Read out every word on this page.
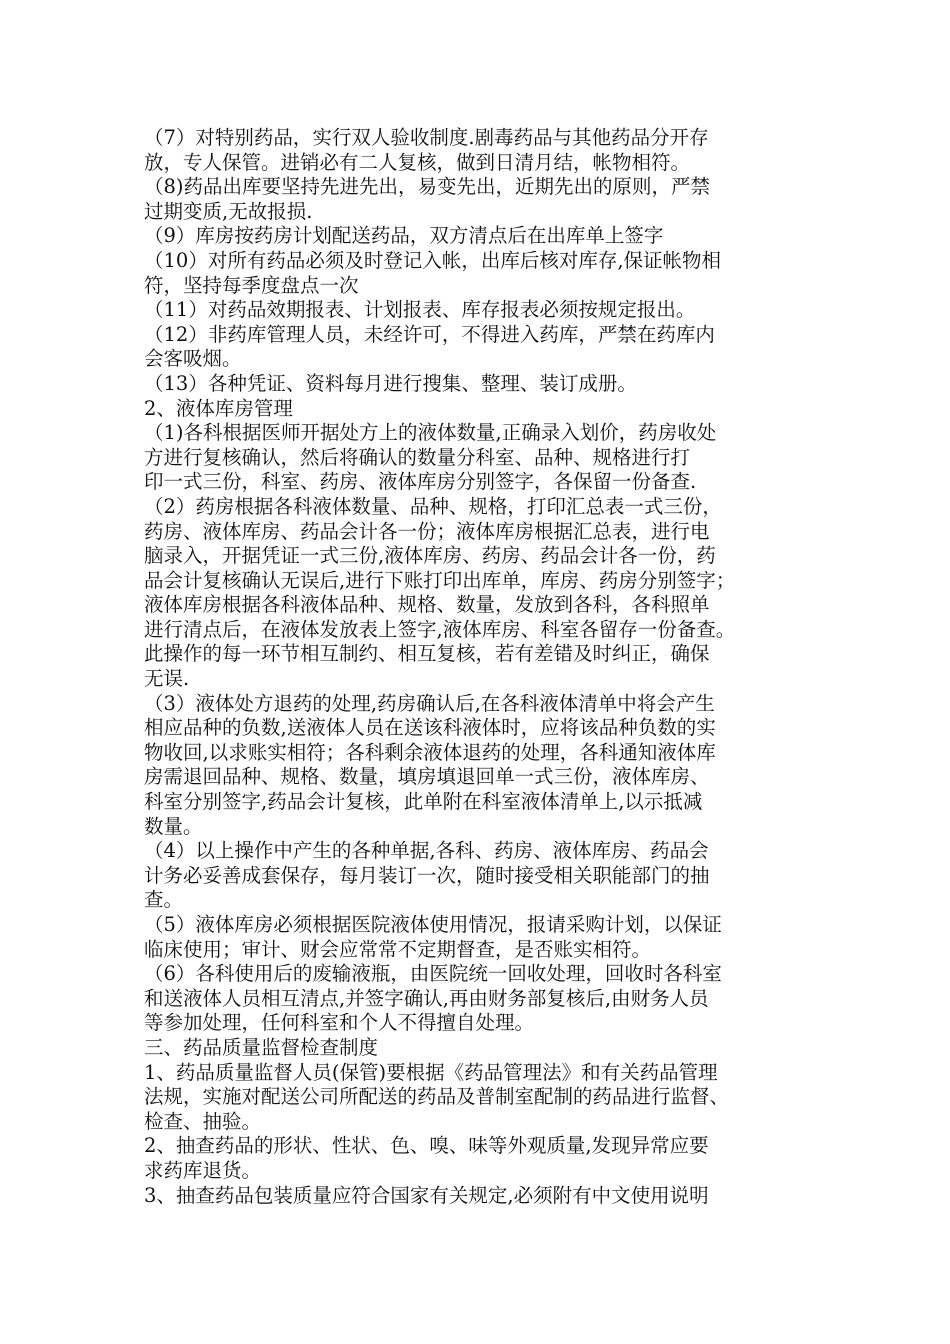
（7）对特别药品，实行双人验收制度.剧毒药品与其他药品分开存
放，专人保管。进销必有二人复核，做到日清月结，帐物相符。
（8)药品出库要坚持先进先出，易变先出，近期先出的原则，严禁
过期变质,无故报损.
（9）库房按药房计划配送药品，双方清点后在出库单上签字
（10）对所有药品必须及时登记入帐，出库后核对库存,保证帐物相
符，坚持每季度盘点一次
（11）对药品效期报表、计划报表、库存报表必须按规定报出。
（12）非药库管理人员，未经许可，不得进入药库，严禁在药库内
会客吸烟。
（13）各种凭证、资料每月进行搜集、整理、装订成册。
2、液体库房管理
（1)各科根据医师开据处方上的液体数量,正确录入划价，药房收处
方进行复核确认，然后将确认的数量分科室、品种、规格进行打
印一式三份，科室、药房、液体库房分别签字，各保留一份备查.
（2）药房根据各科液体数量、品种、规格，打印汇总表一式三份，
药房、液体库房、药品会计各一份；液体库房根据汇总表，进行电
脑录入，开据凭证一式三份,液体库房、药房、药品会计各一份，药
品会计复核确认无误后,进行下账打印出库单，库房、药房分别签字；
液体库房根据各科液体品种、规格、数量，发放到各科，各科照单
进行清点后，在液体发放表上签字,液体库房、科室各留存一份备查。
此操作的每一环节相互制约、相互复核，若有差错及时纠正，确保
无误.
（3）液体处方退药的处理,药房确认后,在各科液体清单中将会产生
相应品种的负数,送液体人员在送该科液体时，应将该品种负数的实
物收回,以求账实相符；各科剩余液体退药的处理，各科通知液体库
房需退回品种、规格、数量，填房填退回单一式三份，液体库房、
科室分别签字,药品会计复核，此单附在科室液体清单上,以示抵减
数量。
（4）以上操作中产生的各种单据,各科、药房、液体库房、药品会
计务必妥善成套保存，每月装订一次，随时接受相关职能部门的抽
查。
（5）液体库房必须根据医院液体使用情况，报请采购计划，以保证
临床使用；审计、财会应常常不定期督查，是否账实相符。
（6）各科使用后的废输液瓶，由医院统一回收处理，回收时各科室
和送液体人员相互清点,并签字确认,再由财务部复核后,由财务人员
等参加处理，任何科室和个人不得擅自处理。
三、药品质量监督检查制度
1、药品质量监督人员(保管)要根据《药品管理法》和有关药品管理
法规，实施对配送公司所配送的药品及普制室配制的药品进行监督、
检查、抽验。
2、抽查药品的形状、性状、色、嗅、味等外观质量,发现异常应要
求药库退货。
3、抽查药品包装质量应符合国家有关规定,必须附有中文使用说明
